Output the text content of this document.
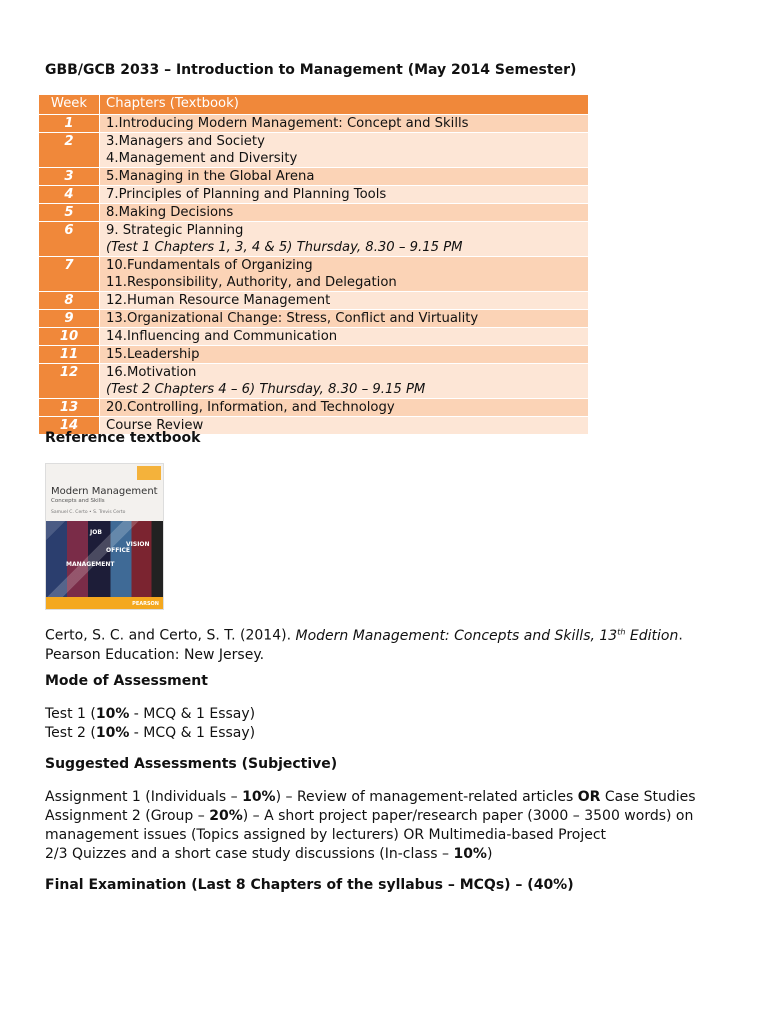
GBB/GCB 2033 – Introduction to Management (May 2014 Semester)
Week	Chapters (Textbook)
1	1.Introducing Modern Management: Concept and Skills

2	3.Managers and Society
4.Management and Diversity

3	5.Managing in the Global Arena

4	7.Principles of Planning and Planning Tools

5	8.Making Decisions

6	9. Strategic Planning
(Test 1 Chapters 1, 3, 4 & 5) Thursday, 8.30 – 9.15 PM

7	10.Fundamentals of Organizing
11.Responsibility, Authority, and Delegation

8	12.Human Resource Management

9	13.Organizational Change: Stress, Conflict and Virtuality

10	14.Influencing and Communication

11	15.Leadership

12	16.Motivation
(Test 2 Chapters 4 – 6) Thursday, 8.30 – 9.15 PM

13	20.Controlling, Information, and Technology

14	Course Review
Reference textbook
Modern Management
Concepts and Skills
Samuel C. Certo • S. Trevis Certo
JOB
VISION
MANAGEMENT
OFFICE
PEARSON
Certo, S. C. and Certo, S. T. (2014). Modern Management: Concepts and Skills, 13th Edition.
Pearson Education: New Jersey.
Mode of Assessment
Test 1 (10% - MCQ & 1 Essay)
Test 2 (10% - MCQ & 1 Essay)
Suggested Assessments (Subjective)
Assignment 1 (Individuals – 10%) – Review of management-related articles OR Case Studies
Assignment 2 (Group – 20%) – A short project paper/research paper (3000 – 3500 words) on
management issues (Topics assigned by lecturers) OR Multimedia-based Project
2/3 Quizzes and a short case study discussions (In-class – 10%)
Final Examination (Last 8 Chapters of the syllabus – MCQs) – (40%)
